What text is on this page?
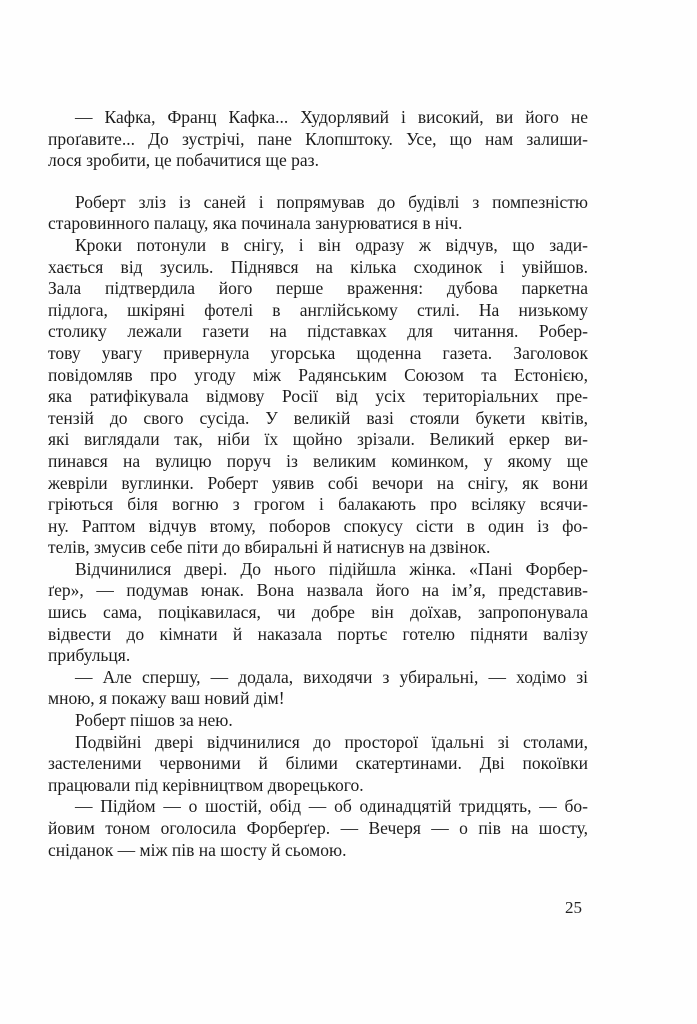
— Кафка, Франц Кафка... Худорлявий і високий, ви його не
проґавите... До зустрічі, пане Клопштоку. Усе, що нам залиши-
лося зробити, це побачитися ще раз.
Роберт зліз із саней і попрямував до будівлі з помпезністю
старовинного палацу, яка починала занурюватися в ніч.
Кроки потонули в снігу, і він одразу ж відчув, що зади-
хається від зусиль. Піднявся на кілька сходинок і увійшов.
Зала підтвердила його перше враження: дубова паркетна
підлога, шкіряні фотелі в англійському стилі. На низькому
столику лежали газети на підставках для читання. Робер-
тову увагу привернула угорська щоденна газета. Заголовок
повідомляв про угоду між Радянським Союзом та Естонією,
яка ратифікувала відмову Росії від усіх територіальних пре-
тензій до свого сусіда. У великій вазі стояли букети квітів,
які виглядали так, ніби їх щойно зрізали. Великий еркер ви-
пинався на вулицю поруч із великим коминком, у якому ще
жевріли вуглинки. Роберт уявив собі вечори на снігу, як вони
гріються біля вогню з грогом і балакають про всіляку всячи-
ну. Раптом відчув втому, поборов спокусу сісти в один із фо-
телів, змусив себе піти до вбиральні й натиснув на дзвінок.
Відчинилися двері. До нього підійшла жінка. «Пані Форбер-
ґер», — подумав юнак. Вона назвала його на ім’я, представив-
шись сама, поцікавилася, чи добре він доїхав, запропонувала
відвести до кімнати й наказала портьє готелю підняти валізу
прибульця.
— Але спершу, — додала, виходячи з убиральні, — ходімо зі
мною, я покажу ваш новий дім!
Роберт пішов за нею.
Подвійні двері відчинилися до просторої їдальні зі столами,
застеленими червоними й білими скатертинами. Дві покоївки
працювали під керівництвом дворецького.
— Підйом — о шостій, обід — об одинадцятій тридцять, — бо-
йовим тоном оголосила Форберґер. — Вечеря — о пів на шосту,
сніданок — між пів на шосту й сьомою.
25
